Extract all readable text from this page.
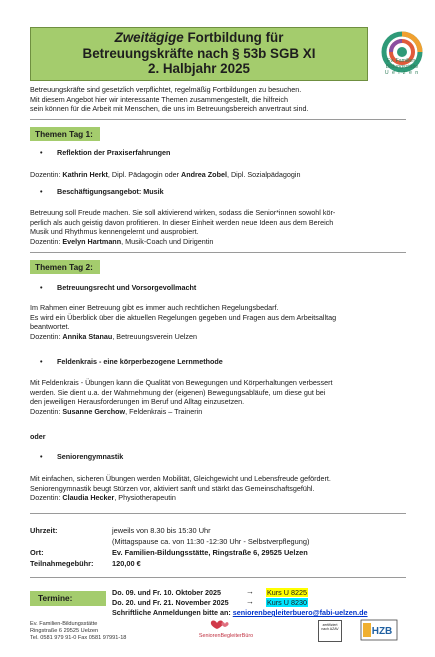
Zweitägige Fortbildung für
Betreuungskräfte nach § 53b SGB XI
2. Halbjahr 2025	Ev. Familien-
Bildungsstätte
U e l z e n
Betreuungskräfte sind gesetzlich verpflichtet, regelmäßig Fortbildungen zu besuchen.
Mit diesem Angebot hier wir interessante Themen zusammengestellt, die hilfreich
sein können für die Arbeit mit Menschen, die uns im Betreuungsbereich anvertraut sind.
Themen Tag 1:
• Reflektion der Praxiserfahrungen
Dozentin: Kathrin Herkt, Dipl. Pädagogin oder Andrea Zobel, Dipl. Sozialpädagogin
• Beschäftigungsangebot: Musik
Betreuung soll Freude machen. Sie soll aktivierend wirken, sodass die Senior*innen sowohl kör-
perlich als auch geistig davon profitieren. In dieser Einheit werden neue Ideen aus dem Bereich
Musik und Rhythmus kennengelernt und ausprobiert.
Dozentin: Evelyn Hartmann, Musik-Coach und Dirigentin
Themen Tag 2:
• Betreuungsrecht und Vorsorgevollmacht
Im Rahmen einer Betreuung gibt es immer auch rechtlichen Regelungsbedarf.
Es wird ein Überblick über die aktuellen Regelungen gegeben und Fragen aus dem Arbeitsalltag
beantwortet.
Dozentin: Annika Stanau, Betreuungsverein Uelzen
• Feldenkrais - eine körperbezogene Lernmethode
Mit Feldenkrais - Übungen kann die Qualität von Bewegungen und Körperhaltungen verbessert
werden. Sie dient u.a. der Wahrnehmung der (eigenen) Bewegungsabläufe, um diese gut bei
den jeweiligen Herausforderungen im Beruf und Alltag einzusetzen.
Dozentin: Susanne Gerchow, Feldenkrais – Trainerin
oder
• Seniorengymnastik
Mit einfachen, sicheren Übungen werden Mobilität, Gleichgewicht und Lebensfreude gefördert.
Seniorengymnastik beugt Stürzen vor, aktiviert sanft und stärkt das Gemeinschaftsgefühl.
Dozentin: Claudia Hecker, Physiotherapeutin
Uhrzeit:	jeweils von 8.30 bis 15:30 Uhr
(Mittagspause ca. von 11:30 -12:30 Uhr - Selbstverpflegung)
Ort:	Ev. Familien-Bildungsstätte, Ringstraße 6, 29525 Uelzen
Teilnahmegebühr: 120,00 €
Termine:
Do. 09. und Fr. 10. Oktober 2025	→ Kurs U 8225
Do. 20. und Fr. 21. November 2025 → Kurs U 8230
Schriftliche Anmeldungen bitte an: seniorenbegleiterbuero@fabi-uelzen.de
Ev. Familien-Bildungsstätte
Ringstraße 6 29525 Uelzen
Tel. 0581 979 91-0 Fax 0581 97991-18	SeniorenBegleiterBüro
zertifiziert nach AZAV	HZB
